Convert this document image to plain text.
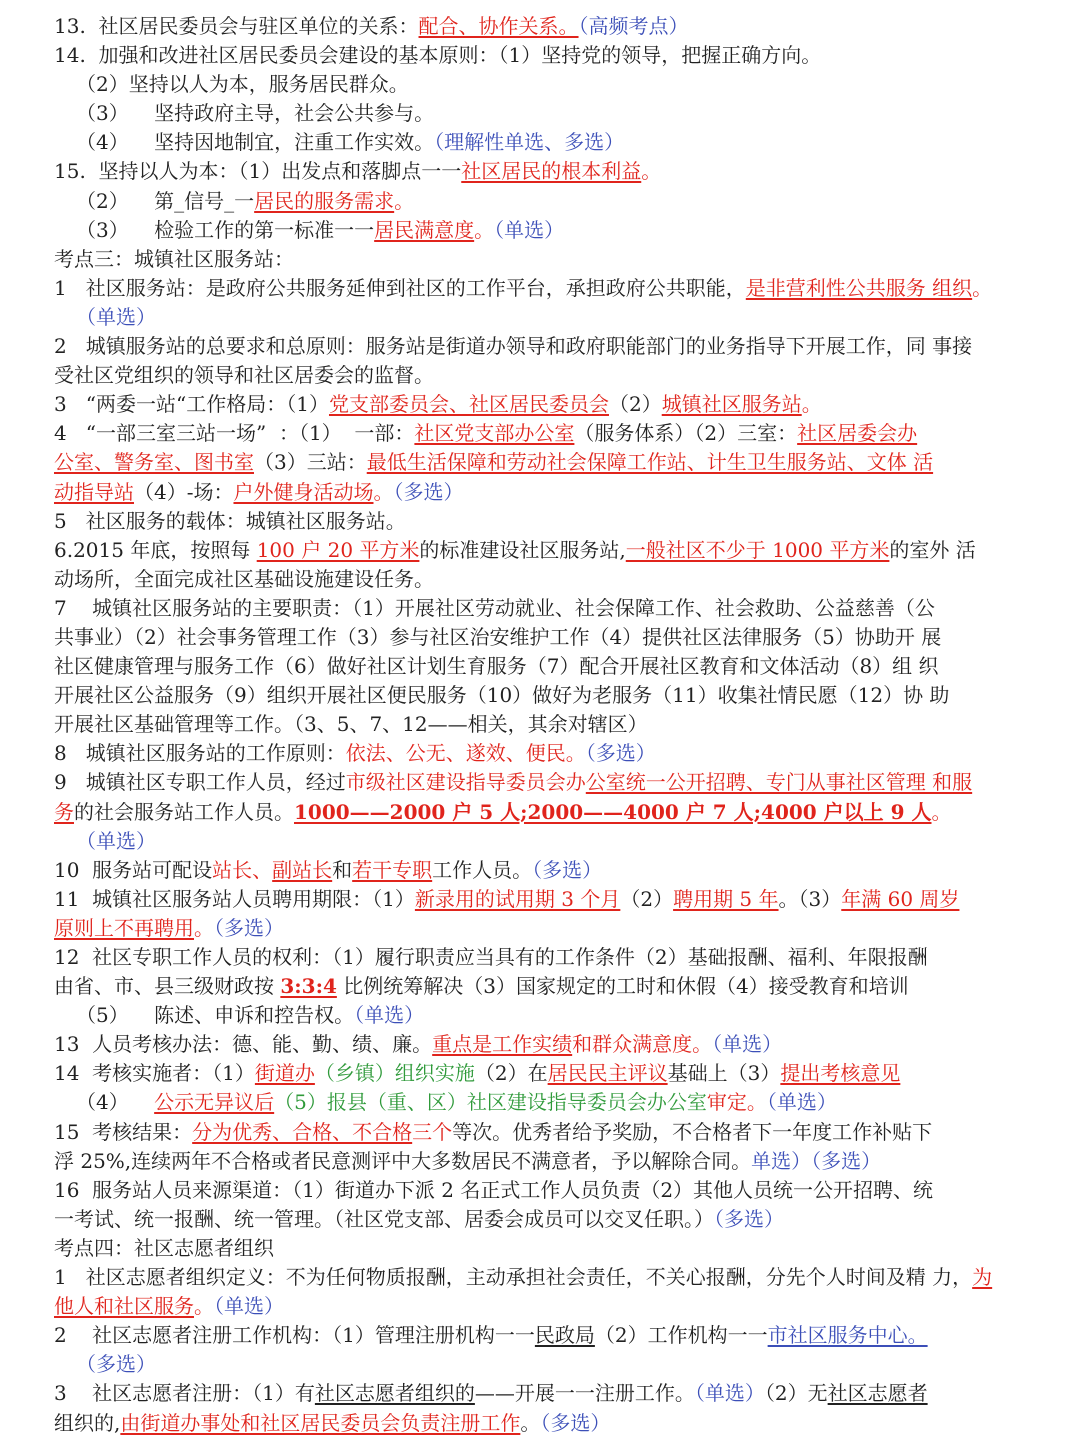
13.  社区居民委员会与驻区单位的关系：配合、协作关系。（高频考点）
14.  加强和改进社区居民委员会建设的基本原则：（1）坚持党的领导，把握正确方向。
（2）坚持以人为本，服务居民群众。
（3）    坚持政府主导，社会公共参与。
（4）    坚持因地制宜，注重工作实效。（理解性单选、多选）
15.  坚持以人为本：（1）出发点和落脚点一一社区居民的根本利益。
（2）    第_信号_一居民的服务需求。
（3）    检验工作的第一标准一一居民满意度。（单选）
考点三：城镇社区服务站：
1   社区服务站：是政府公共服务延伸到社区的工作平台，承担政府公共职能，是非营利性公共服务 组织。
（单选）
2   城镇服务站的总要求和总原则：服务站是街道办领导和政府职能部门的业务指导下开展工作，同 事接
受社区党组织的领导和社区居委会的监督。
3   “两委一站“工作格局：（1）党支部委员会、社区居民委员会（2）城镇社区服务站。
4   “一部三室三站一场”  ：（1）  一部：社区党支部办公室（服务体系）（2）三室：社区居委会办
公室、警务室、图书室（3）三站：最低生活保障和劳动社会保障工作站、计生卫生服务站、文体 活
动指导站（4）-场：户外健身活动场。（多选）
5   社区服务的载体：城镇社区服务站。
6.2015 年底，按照每 100 户 20 平方米的标准建设社区服务站,一般社区不少于 1000 平方米的室外 活
动场所，全面完成社区基础设施建设任务。
7    城镇社区服务站的主要职责：（1）开展社区劳动就业、社会保障工作、社会救助、公益慈善（公
共事业）（2）社会事务管理工作（3）参与社区治安维护工作（4）提供社区法律服务（5）协助开 展
社区健康管理与服务工作（6）做好社区计划生育服务（7）配合开展社区教育和文体活动（8）组 织
开展社区公益服务（9）组织开展社区便民服务（10）做好为老服务（11）收集社情民愿（12）协 助
开展社区基础管理等工作。（3、5、7、12——相关，其余对辖区）
8   城镇社区服务站的工作原则：依法、公无、遂效、便民。（多选）
9   城镇社区专职工作人员，经过市级社区建设指导委员会办公室统一公开招聘、专门从事社区管理 和服
务的社会服务站工作人员。1000——2000 户 5 人;2000——4000 户 7 人;4000 户以上 9 人。
（单选）
10  服务站可配设站长、副站长和若干专职工作人员。（多选）
11  城镇社区服务站人员聘用期限：（1）新录用的试用期 3 个月（2）聘用期 5 年。（3）年满 60 周岁
原则上不再聘用。（多选）
12  社区专职工作人员的权利：（1）履行职责应当具有的工作条件（2）基础报酬、福利、年限报酬
由省、市、县三级财政按 3:3:4 比例统筹解决（3）国家规定的工时和休假（4）接受教育和培训
（5）    陈述、申诉和控告权。（单选）
13  人员考核办法：德、能、勤、绩、廉。重点是工作实绩和群众满意度。（单选）
14  考核实施者：（1）街道办（乡镇）组织实施（2）在居民民主评议基础上（3）提出考核意见
（4）    公示无异议后（5）报县（重、区）社区建设指导委员会办公室审定。（单选）
15  考核结果：分为优秀、合格、不合格三个等次。优秀者给予奖励，不合格者下一年度工作补贴下
浮 25%,连续两年不合格或者民意测评中大多数居民不满意者，予以解除合同。单选）（多选）
16  服务站人员来源渠道：（1）街道办下派 2 名正式工作人员负责（2）其他人员统一公开招聘、统
一考试、统一报酬、统一管理。（社区党支部、居委会成员可以交叉任职。）（多选）
考点四：社区志愿者组织
1   社区志愿者组织定义：不为任何物质报酬，主动承担社会责任，不关心报酬，分先个人时间及精 力，为
他人和社区服务。（单选）
2    社区志愿者注册工作机构：（1）管理注册机构一一民政局（2）工作机构一一市社区服务中心。
（多选）
3    社区志愿者注册：（1）有社区志愿者组织的——开展一一注册工作。（单选）（2）无社区志愿者
组织的,由街道办事处和社区居民委员会负责注册工作。（多选）
